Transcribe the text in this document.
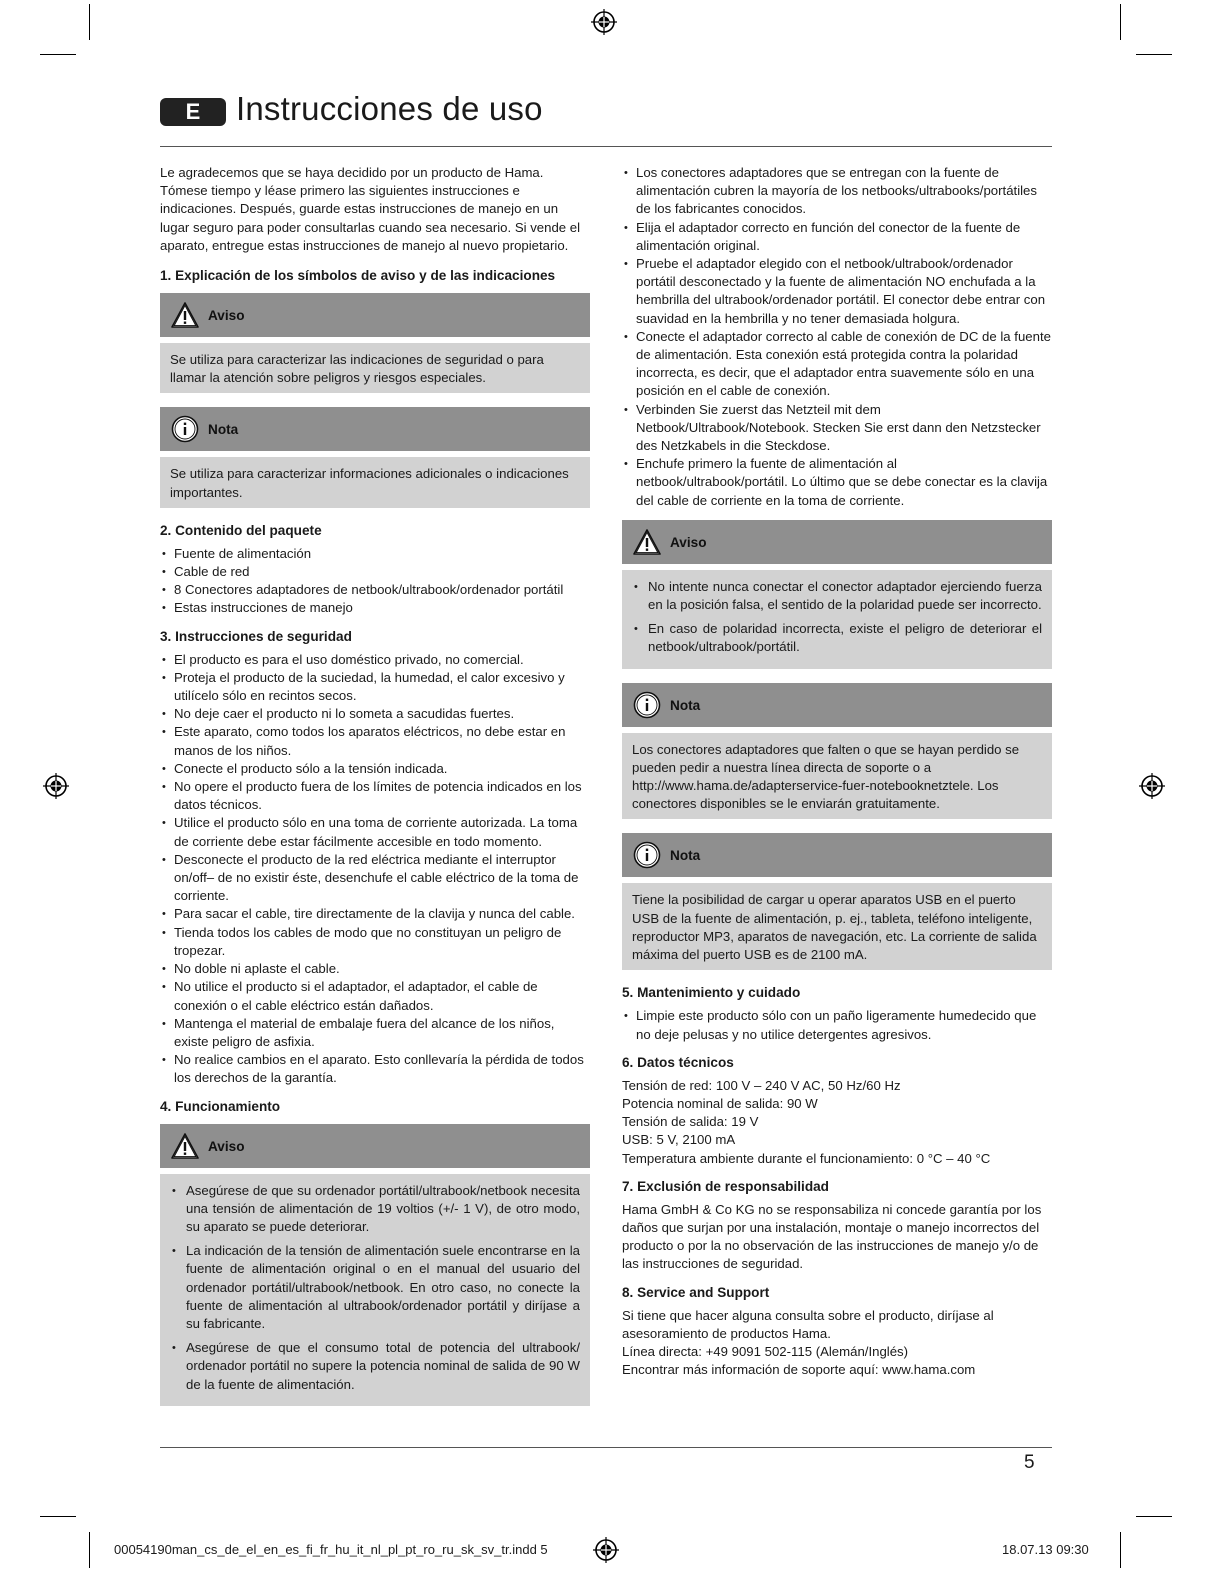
E	Instrucciones de uso

Le agradecemos que se haya decidido por un producto de Hama. Tómese tiempo y léase primero las siguientes instrucciones e indicaciones. Después, guarde estas instrucciones de manejo en un lugar seguro para poder consultarlas cuando sea necesario. Si vende el aparato, entregue estas instrucciones de manejo al nuevo propietario.

1. Explicación de los símbolos de aviso y de las indicaciones
Aviso

Se utiliza para caracterizar las indicaciones de seguridad o para llamar la atención sobre peligros y riesgos especiales.

Nota

Se utiliza para caracterizar informaciones adicionales o indicaciones importantes.

2. Contenido del paquete
• Fuente de alimentación
• Cable de red
• 8 Conectores adaptadores de netbook/ultrabook/ordenador portátil
• Estas instrucciones de manejo
3. Instrucciones de seguridad
• El producto es para el uso doméstico privado, no comercial.
• Proteja el producto de la suciedad, la humedad, el calor excesivo y utilícelo sólo en recintos secos.
• No deje caer el producto ni lo someta a sacudidas fuertes.
• Este aparato, como todos los aparatos eléctricos, no debe estar en manos de los niños.
• Conecte el producto sólo a la tensión indicada.
• No opere el producto fuera de los límites de potencia indicados en los datos técnicos.
• Utilice el producto sólo en una toma de corriente autorizada. La toma de corriente debe estar fácilmente accesible en todo momento.
• Desconecte el producto de la red eléctrica mediante el interruptor on/off– de no existir éste, desenchufe el cable eléctrico de la toma de corriente.
• Para sacar el cable, tire directamente de la clavija y nunca del cable.
• Tienda todos los cables de modo que no constituyan un peligro de tropezar.
• No doble ni aplaste el cable.
• No utilice el producto si el adaptador, el adaptador, el cable de conexión o el cable eléctrico están dañados.
• Mantenga el material de embalaje fuera del alcance de los niños, existe peligro de asfixia.
• No realice cambios en el aparato. Esto conllevaría la pérdida de todos los derechos de la garantía.
4. Funcionamiento
Aviso
• Asegúrese de que su ordenador portátil/ultrabook/netbook necesita una tensión de alimentación de 19 voltios (+/- 1 V), de otro modo, su aparato se puede deteriorar.
• La indicación de la tensión de alimentación suele encontrarse en la fuente de alimentación original o en el manual del usuario del ordenador portátil/ultrabook/netbook. En otro caso, no conecte la fuente de alimentación al ultrabook/ordenador portátil y diríjase a su fabricante.
• Asegúrese de que el consumo total de potencia del ultrabook/ ordenador portátil no supere la potencia nominal de salida de 90 W de la fuente de alimentación.
• Los conectores adaptadores que se entregan con la fuente de alimentación cubren la mayoría de los netbooks/ultrabooks/portátiles de los fabricantes conocidos.
• Elija el adaptador correcto en función del conector de la fuente de alimentación original.
• Pruebe el adaptador elegido con el netbook/ultrabook/ordenador portátil desconectado y la fuente de alimentación NO enchufada a la hembrilla del ultrabook/ordenador portátil. El conector debe entrar con suavidad en la hembrilla y no tener demasiada holgura.
• Conecte el adaptador correcto al cable de conexión de DC de la fuente de alimentación. Esta conexión está protegida contra la polaridad incorrecta, es decir, que el adaptador entra suavemente sólo en una posición en el cable de conexión.
• Verbinden Sie zuerst das Netzteil mit dem Netbook/Ultrabook/Notebook. Stecken Sie erst dann den Netzstecker des Netzkabels in die Steckdose.
• Enchufe primero la fuente de alimentación al netbook/ultrabook/portátil. Lo último que se debe conectar es la clavija del cable de corriente en la toma de corriente.
Aviso
• No intente nunca conectar el conector adaptador ejerciendo fuerza en la posición falsa, el sentido de la polaridad puede ser incorrecto.
• En caso de polaridad incorrecta, existe el peligro de deteriorar el netbook/ultrabook/portátil.
Nota

Los conectores adaptadores que falten o que se hayan perdido se pueden pedir a nuestra línea directa de soporte o a http://www.hama.de/adapterservice-fuer-notebooknetztele. Los conectores disponibles se le enviarán gratuitamente.

Nota

Tiene la posibilidad de cargar u operar aparatos USB en el puerto USB de la fuente de alimentación, p. ej., tableta, teléfono inteligente, reproductor MP3, aparatos de navegación, etc. La corriente de salida máxima del puerto USB es de 2100 mA.

5. Mantenimiento y cuidado
• Limpie este producto sólo con un paño ligeramente humedecido que no deje pelusas y no utilice detergentes agresivos.
6. Datos técnicos

Tensión de red: 100 V – 240 V AC, 50 Hz/60 Hz

Potencia nominal de salida: 90 W

Tensión de salida: 19 V

USB: 5 V, 2100 mA

Temperatura ambiente durante el funcionamiento: 0 °C – 40 °C

7. Exclusión de responsabilidad

Hama GmbH & Co KG no se responsabiliza ni concede garantía por los daños que surjan por una instalación, montaje o manejo incorrectos del producto o por la no observación de las instrucciones de manejo y/o de las instrucciones de seguridad.

8. Service and Support

Si tiene que hacer alguna consulta sobre el producto, diríjase al asesoramiento de productos Hama.

Línea directa: +49 9091 502-115 (Alemán/Inglés)

Encontrar más información de soporte aquí: www.hama.com

5
00054190man_cs_de_el_en_es_fi_fr_hu_it_nl_pl_pt_ro_ru_sk_sv_tr.indd 5	18.07.13 09:30
